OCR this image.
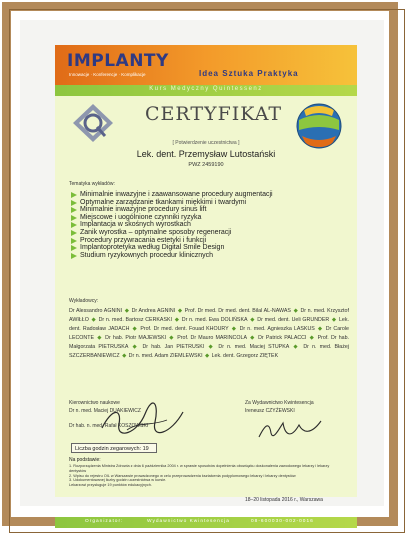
IMPLANTY
Innowacje · Konferencje · Komplikacje	Idea Sztuka Praktyka
Kurs Medyczny Quintessenz
CERTYFIKAT
[ Potwierdzenie uczestnictwa ]
Lek. dent. Przemysław Lutostański
PWZ 2459190
Tematyka wykładów:
Minimalnie inwazyjne i zaawansowane procedury augmentacji
Optymalne zarządzanie tkankami miękkimi i twardymi
Minimalnie inwazyjne procedury sinus lift
Miejscowe i uogólnione czynniki ryzyka
Implantacja w skośnych wyrostkach
Zanik wyrostka – optymalne sposoby regeneracji
Procedury przywracania estetyki i funkcji
Implantoprotetyka według Digital Smile Design
Studium ryzykownych procedur klinicznych
Wykładowcy:
Dr Alessandro AGNINI ◆ Dr Andrea AGNINI ◆ Prof. Dr med. Dr med. dent. Bilal AL-NAWAS ◆ Dr n. med. Krzysztof AWIŁŁO ◆ Dr n. med. Bartosz CERKASKI ◆ Dr n. med. Ewa DOLIŃSKA ◆ Dr med. dent. Ueli GRUNDER ◆ Lek. dent. Radosław JADACH ◆ Prof. Dr med. dent. Fouad KHOURY ◆ Dr n. med. Agnieszka LASKUS ◆ Dr Carole LECONTE ◆ Dr hab. Piotr MAJEWSKI ◆ Prof. Dr Mauro MARINCOLA ◆ Dr Patrick PALACCI ◆ Prof. Dr hab. Małgorzata PIETRUSKA ◆ Dr hab. Jan PIETRUSKI ◆ Dr n. med. Maciej STUPKA ◆ Dr n. med. Błażej SZCZERBANIEWICZ ◆ Dr n. med. Adam ZIEMLEWSKI ◆ Lek. dent. Grzegorz ZIĘTEK
Kierownictwo naukowe
Dr n. med. Maciej DUAKIEWICZ
Dr hab. n. med. Rafał KOSZOWSKI
Za Wydawnictwo Kwintesencja
Ireneusz CZYŻEWSKI
Liczba godzin zegarowych: 19
Na podstawie:
1. Rozporządzenia Ministra Zdrowia z dnia 6 października 2004 r. w sprawie sposobów dopełnienia obowiązku doskonalenia zawodowego lekarzy i lekarzy dentystów
2. Wpisu do rejestru OIL w Warszawie prowadzonego w celu przeprowadzenia kształcenia podyplomowego lekarzy i lekarzy dentystów
3. Udokumentowanej liczby godzin uczestnictwa w kursie.
Lekarzowi przysługuje 19 punktów edukacyjnych.
18–20 listopada 2016 r., Warszawa
Organizator:	Wydawnictwo Kwintesencja	08-600030-002-0016
